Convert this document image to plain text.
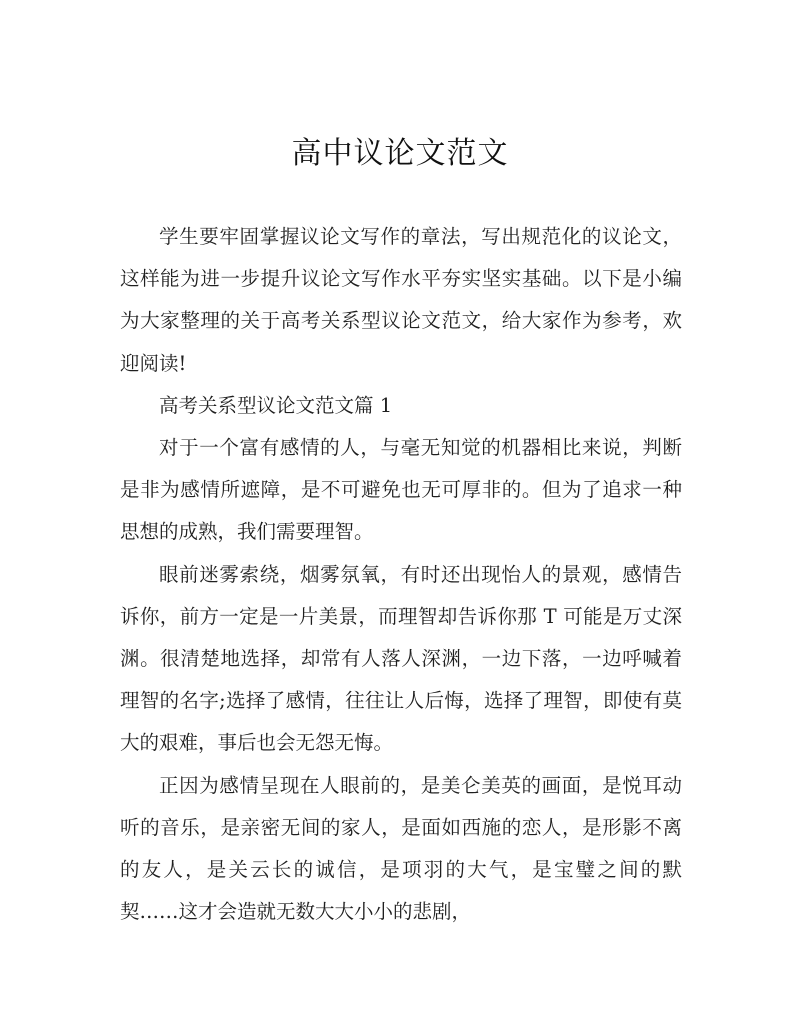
高中议论文范文

学生要牢固掌握议论文写作的章法，写出规范化的议论文，这样能为进一步提升议论文写作水平夯实坚实基础。以下是小编为大家整理的关于高考关系型议论文范文，给大家作为参考，欢迎阅读!

高考关系型议论文范文篇 1

对于一个富有感情的人，与毫无知觉的机器相比来说，判断是非为感情所遮障，是不可避免也无可厚非的。但为了追求一种思想的成熟，我们需要理智。

眼前迷雾索绕，烟雾氛氧，有时还出现怡人的景观，感情告诉你，前方一定是一片美景，而理智却告诉你那 T 可能是万丈深渊。很清楚地选择，却常有人落人深渊，一边下落，一边呼喊着理智的名字;选择了感情，往往让人后悔，选择了理智，即使有莫大的艰难，事后也会无怨无悔。

正因为感情呈现在人眼前的，是美仑美英的画面，是悦耳动听的音乐，是亲密无间的家人，是面如西施的恋人，是形影不离的友人，是关云长的诚信，是项羽的大气，是宝璧之间的默契……这才会造就无数大大小小的悲剧，
